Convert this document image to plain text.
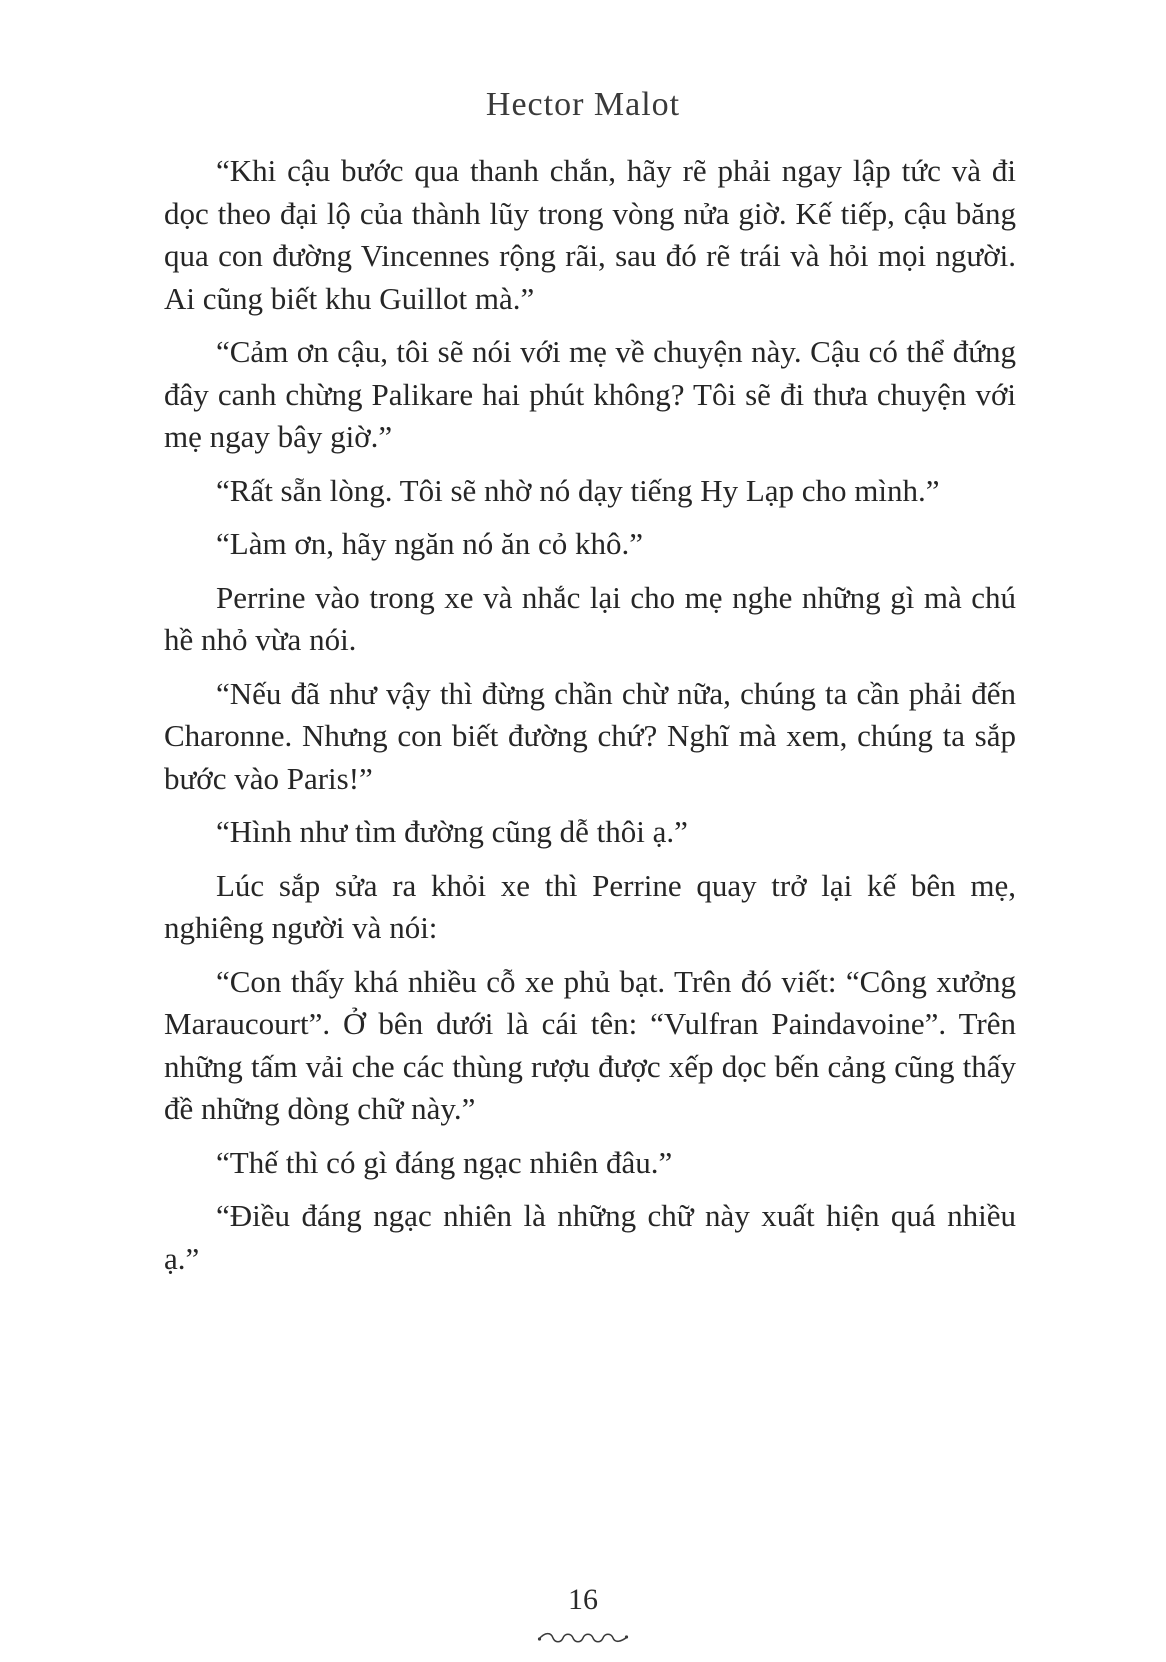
Hector Malot

“Khi cậu bước qua thanh chắn, hãy rẽ phải ngay lập tức và đi dọc theo đại lộ của thành lũy trong vòng nửa giờ. Kế tiếp, cậu băng qua con đường Vincennes rộng rãi, sau đó rẽ trái và hỏi mọi người. Ai cũng biết khu Guillot mà.”

“Cảm ơn cậu, tôi sẽ nói với mẹ về chuyện này. Cậu có thể đứng đây canh chừng Palikare hai phút không? Tôi sẽ đi thưa chuyện với mẹ ngay bây giờ.”

“Rất sẵn lòng. Tôi sẽ nhờ nó dạy tiếng Hy Lạp cho mình.”

“Làm ơn, hãy ngăn nó ăn cỏ khô.”

Perrine vào trong xe và nhắc lại cho mẹ nghe những gì mà chú hề nhỏ vừa nói.

“Nếu đã như vậy thì đừng chần chừ nữa, chúng ta cần phải đến Charonne. Nhưng con biết đường chứ? Nghĩ mà xem, chúng ta sắp bước vào Paris!”

“Hình như tìm đường cũng dễ thôi ạ.”

Lúc sắp sửa ra khỏi xe thì Perrine quay trở lại kế bên mẹ, nghiêng người và nói:

“Con thấy khá nhiều cỗ xe phủ bạt. Trên đó viết: “Công xưởng Maraucourt”. Ở bên dưới là cái tên: “Vulfran Paindavoine”. Trên những tấm vải che các thùng rượu được xếp dọc bến cảng cũng thấy đề những dòng chữ này.”

“Thế thì có gì đáng ngạc nhiên đâu.”

“Điều đáng ngạc nhiên là những chữ này xuất hiện quá nhiều ạ.”

16
